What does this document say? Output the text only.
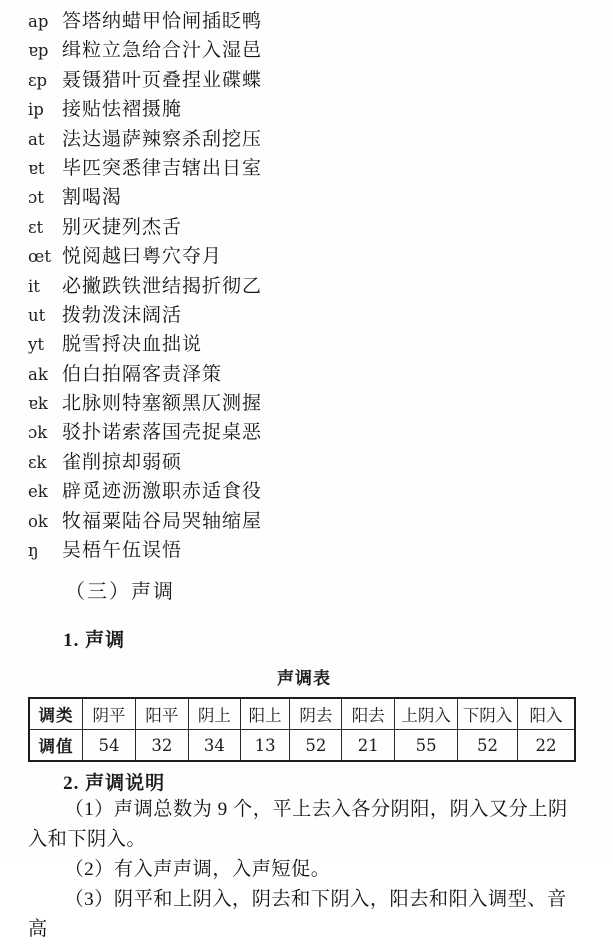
ap 答塔纳蜡甲恰闸插眨鸭
ɐp 缉粒立急给合汁入湿邑
ɛp 聂镊猎叶页叠捏业碟蝶
ip 接贴怯褶摄腌
at 法达遢萨辣察杀刮挖压
ɐt 毕匹突悉律吉辖出日室
ɔt 割喝渴
ɛt 别灭捷列杰舌
œt 悦阅越曰粤穴夺月
it	必撇跌铁泄结揭折彻乙
ut 拨勃泼沫阔活
yt 脱雪捋决血拙说
ak 伯白拍隔客责泽策
ɐk 北脉则特塞额黑仄测握
ɔk 驳扑诺索落国壳捉桌恶
ɛk 雀削掠却弱硕
ek 辟觅迹沥激职赤适食役
ok 牧福粟陆谷局哭轴缩屋
ŋ	吴梧午伍误悟
（三）声调
1. 声调
声调表
调类	阴平	阳平	阴上	阳上	阴去	阳去	上阴入	下阴入	阳入
调值	54	32	34	13	52	21	55	52	22
2. 声调说明

（1）声调总数为 9 个，平上去入各分阴阳，阴入又分上阴入和下阴入。

（2）有入声声调，入声短促。

（3）阴平和上阴入，阴去和下阴入，阳去和阳入调型、音高
